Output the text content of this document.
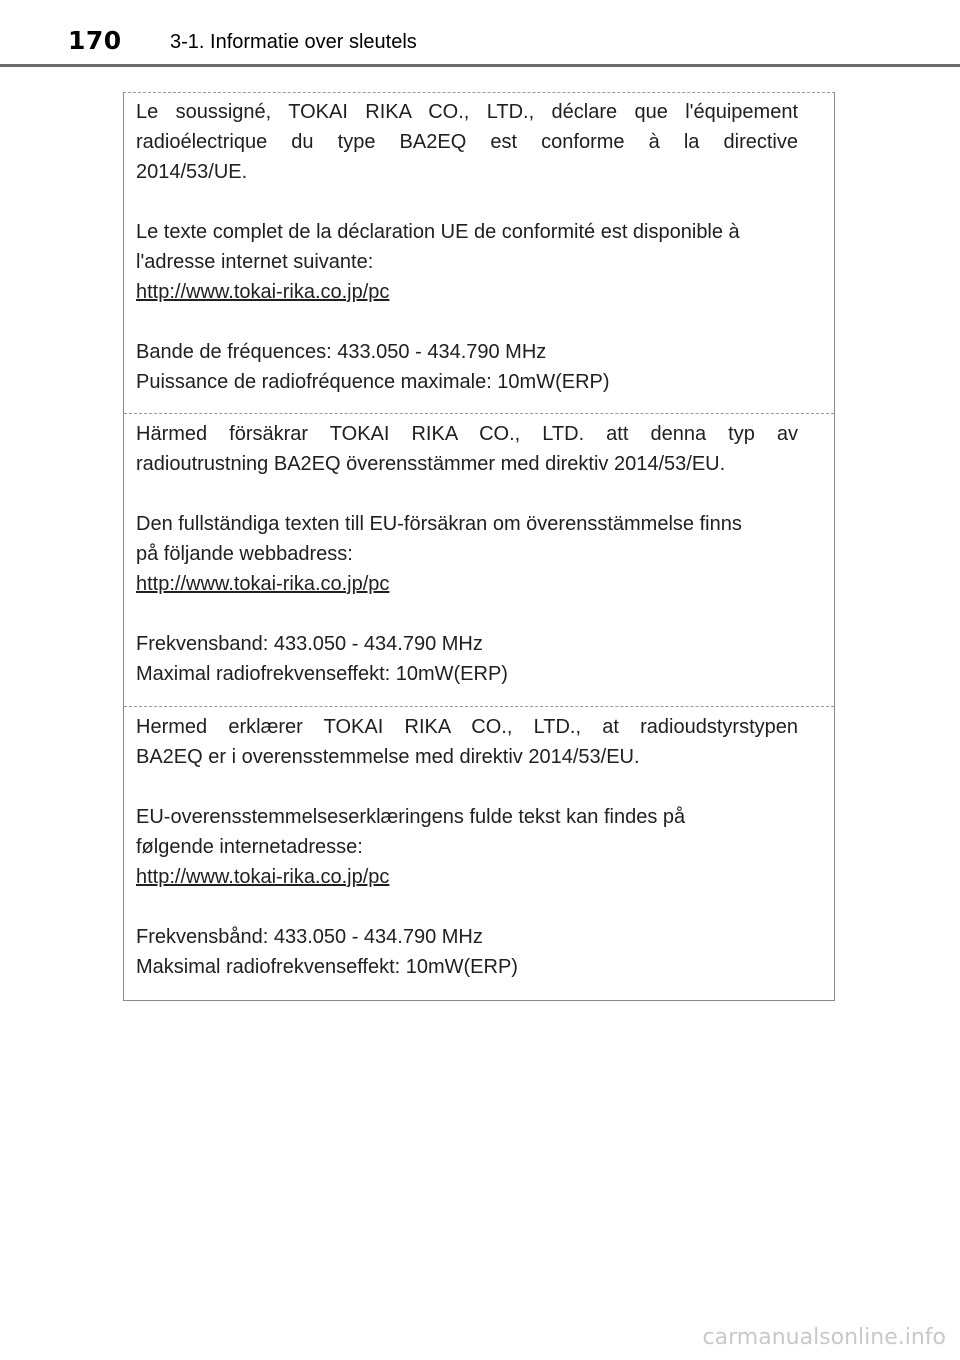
170 3-1. Informatie over sleutels

Le soussigné, TOKAI RIKA CO., LTD., déclare que l'équipement

radioélectrique du type BA2EQ est conforme à la directive

2014/53/UE.

Le texte complet de la déclaration UE de conformité est disponible à

l'adresse internet suivante:

http://www.tokai-rika.co.jp/pc

Bande de fréquences: 433.050 - 434.790 MHz

Puissance de radiofréquence maximale: 10mW(ERP)

Härmed försäkrar TOKAI RIKA CO., LTD. att denna typ av

radioutrustning BA2EQ överensstämmer med direktiv 2014/53/EU.

Den fullständiga texten till EU-försäkran om överensstämmelse finns

på följande webbadress:

http://www.tokai-rika.co.jp/pc

Frekvensband: 433.050 - 434.790 MHz

Maximal radiofrekvenseffekt: 10mW(ERP)

Hermed erklærer TOKAI RIKA CO., LTD., at radioudstyrstypen

BA2EQ er i overensstemmelse med direktiv 2014/53/EU.

EU-overensstemmelseserklæringens fulde tekst kan findes på

følgende internetadresse:

http://www.tokai-rika.co.jp/pc

Frekvensbånd: 433.050 - 434.790 MHz

Maksimal radiofrekvenseffekt: 10mW(ERP)

carmanualsonline.info
